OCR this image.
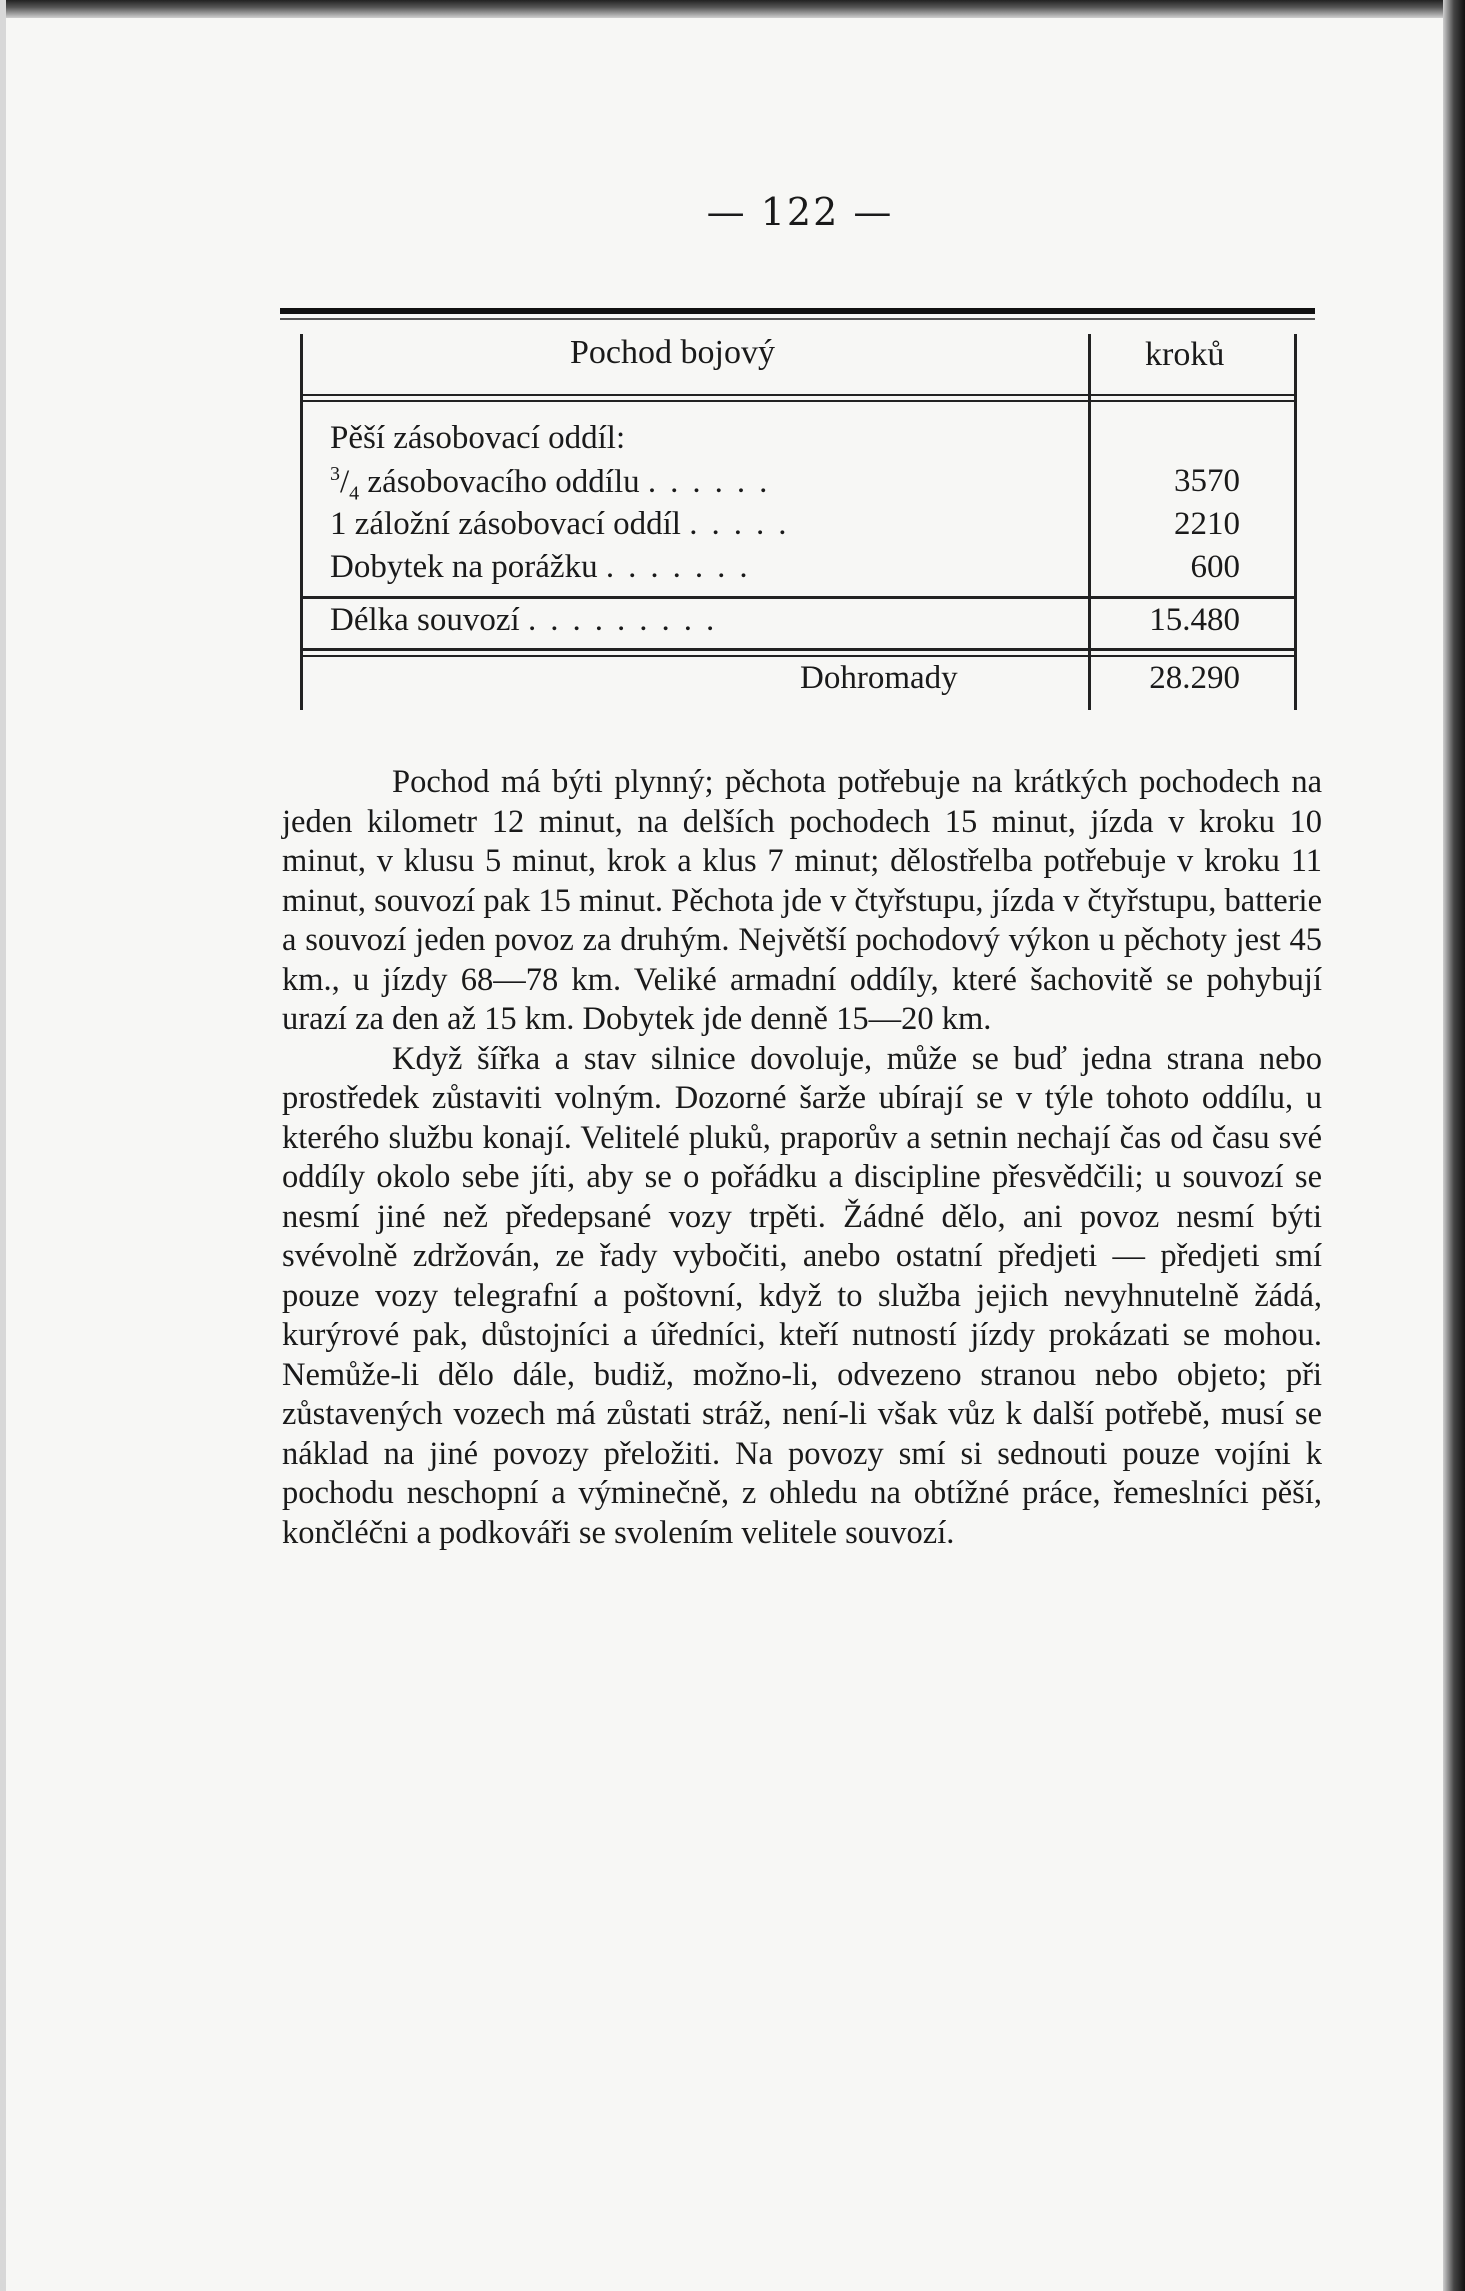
— 122 —
Pochod bojový	kroků
Pěší zásobovací oddíl:
$^3/_4$ zásobovacího oddílu ......	3570
1 záložní zásobovací oddíl .....	2210
Dobytek na porážku .......	600
Délka souvozí .........	15.480
Dohromady	28.290

Pochod má býti plynný; pěchota potřebuje na krátkých pochodech na jeden kilometr 12 minut, na delších pochodech 15 minut, jízda v kroku 10 minut, v klusu 5 minut, krok a klus 7 minut; dělostřelba potřebuje v kroku 11 minut, souvozí pak 15 minut. Pěchota jde v čtyřstupu, jízda v čtyřstupu, batterie a souvozí jeden povoz za druhým. Největší pochodový výkon u pěchoty jest 45 km., u jízdy 68—78 km. Veliké armadní oddíly, které šachovitě se pohybují urazí za den až 15 km. Dobytek jde denně 15—20 km.

Když šířka a stav silnice dovoluje, může se buď jedna strana nebo prostředek zůstaviti volným. Dozorné šarže ubírají se v týle tohoto oddílu, u kterého službu konají. Velitelé pluků, praporův a setnin nechají čas od času své oddíly okolo sebe jíti, aby se o pořádku a discipline přesvědčili; u souvozí se nesmí jiné než předepsané vozy trpěti. Žádné dělo, ani povoz nesmí býti svévolně zdržován, ze řady vybočiti, anebo ostatní předjeti — předjeti smí pouze vozy telegrafní a poštovní, když to služba jejich nevyhnutelně žádá, kurýrové pak, důstojníci a úředníci, kteří nutností jízdy prokázati se mohou. Nemůže-li dělo dále, budiž, možno-li, odvezeno stranou nebo objeto; při zůstavených vozech má zůstati stráž, není-li však vůz k další potřebě, musí se náklad na jiné povozy přeložiti. Na povozy smí si sednouti pouze vojíni k pochodu neschopní a výminečně, z ohledu na obtížné práce, řemeslníci pěší, končléčni a podkováři se svolením velitele souvozí.
